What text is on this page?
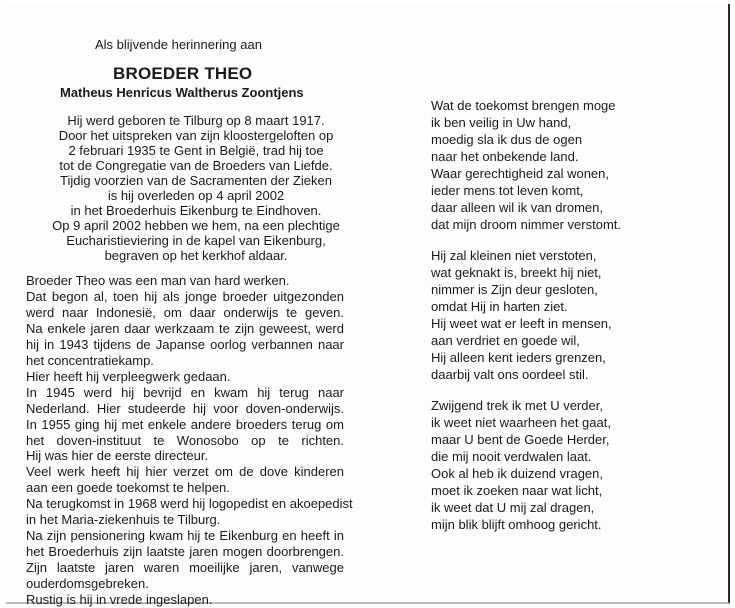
Als blijvende herinnering aan

BROEDER THEO

Matheus Henricus Waltherus Zoontjens

Hij werd geboren te Tilburg op 8 maart 1917.
Door het uitspreken van zijn kloostergeloften op
2 februari 1935 te Gent in België, trad hij toe
tot de Congregatie van de Broeders van Liefde.
Tijdig voorzien van de Sacramenten der Zieken
is hij overleden op 4 april 2002
in het Broederhuis Eikenburg te Eindhoven.
Op 9 april 2002 hebben we hem, na een plechtige
Eucharistieviering in de kapel van Eikenburg,
begraven op het kerkhof aldaar.
Broeder Theo was een man van hard werken.
Dat begon al, toen hij als jonge broeder uitgezonden
werd naar Indonesië, om daar onderwijs te geven.
Na enkele jaren daar werkzaam te zijn geweest, werd
hij in 1943 tijdens de Japanse oorlog verbannen naar
het concentratiekamp.
Hier heeft hij verpleegwerk gedaan.
In 1945 werd hij bevrijd en kwam hij terug naar
Nederland. Hier studeerde hij voor doven-onderwijs.
In 1955 ging hij met enkele andere broeders terug om
het doven-instituut te Wonosobo op te richten.
Hij was hier de eerste directeur.
Veel werk heeft hij hier verzet om de dove kinderen
aan een goede toekomst te helpen.
Na terugkomst in 1968 werd hij logopedist en akoepedist
in het Maria-ziekenhuis te Tilburg.
Na zijn pensionering kwam hij te Eikenburg en heeft in
het Broederhuis zijn laatste jaren mogen doorbrengen.
Zijn laatste jaren waren moeilijke jaren, vanwege
ouderdomsgebreken.
Rustig is hij in vrede ingeslapen.
Wat de toekomst brengen moge
ik ben veilig in Uw hand,
moedig sla ik dus de ogen
naar het onbekende land.
Waar gerechtigheid zal wonen,
ieder mens tot leven komt,
daar alleen wil ik van dromen,
dat mijn droom nimmer verstomt.
Hij zal kleinen niet verstoten,
wat geknakt is, breekt hij niet,
nimmer is Zijn deur gesloten,
omdat Hij in harten ziet.
Hij weet wat er leeft in mensen,
aan verdriet en goede wil,
Hij alleen kent ieders grenzen,
daarbij valt ons oordeel stil.
Zwijgend trek ik met U verder,
ik weet niet waarheen het gaat,
maar U bent de Goede Herder,
die mij nooit verdwalen laat.
Ook al heb ik duizend vragen,
moet ik zoeken naar wat licht,
ik weet dat U mij zal dragen,
mijn blik blijft omhoog gericht.
